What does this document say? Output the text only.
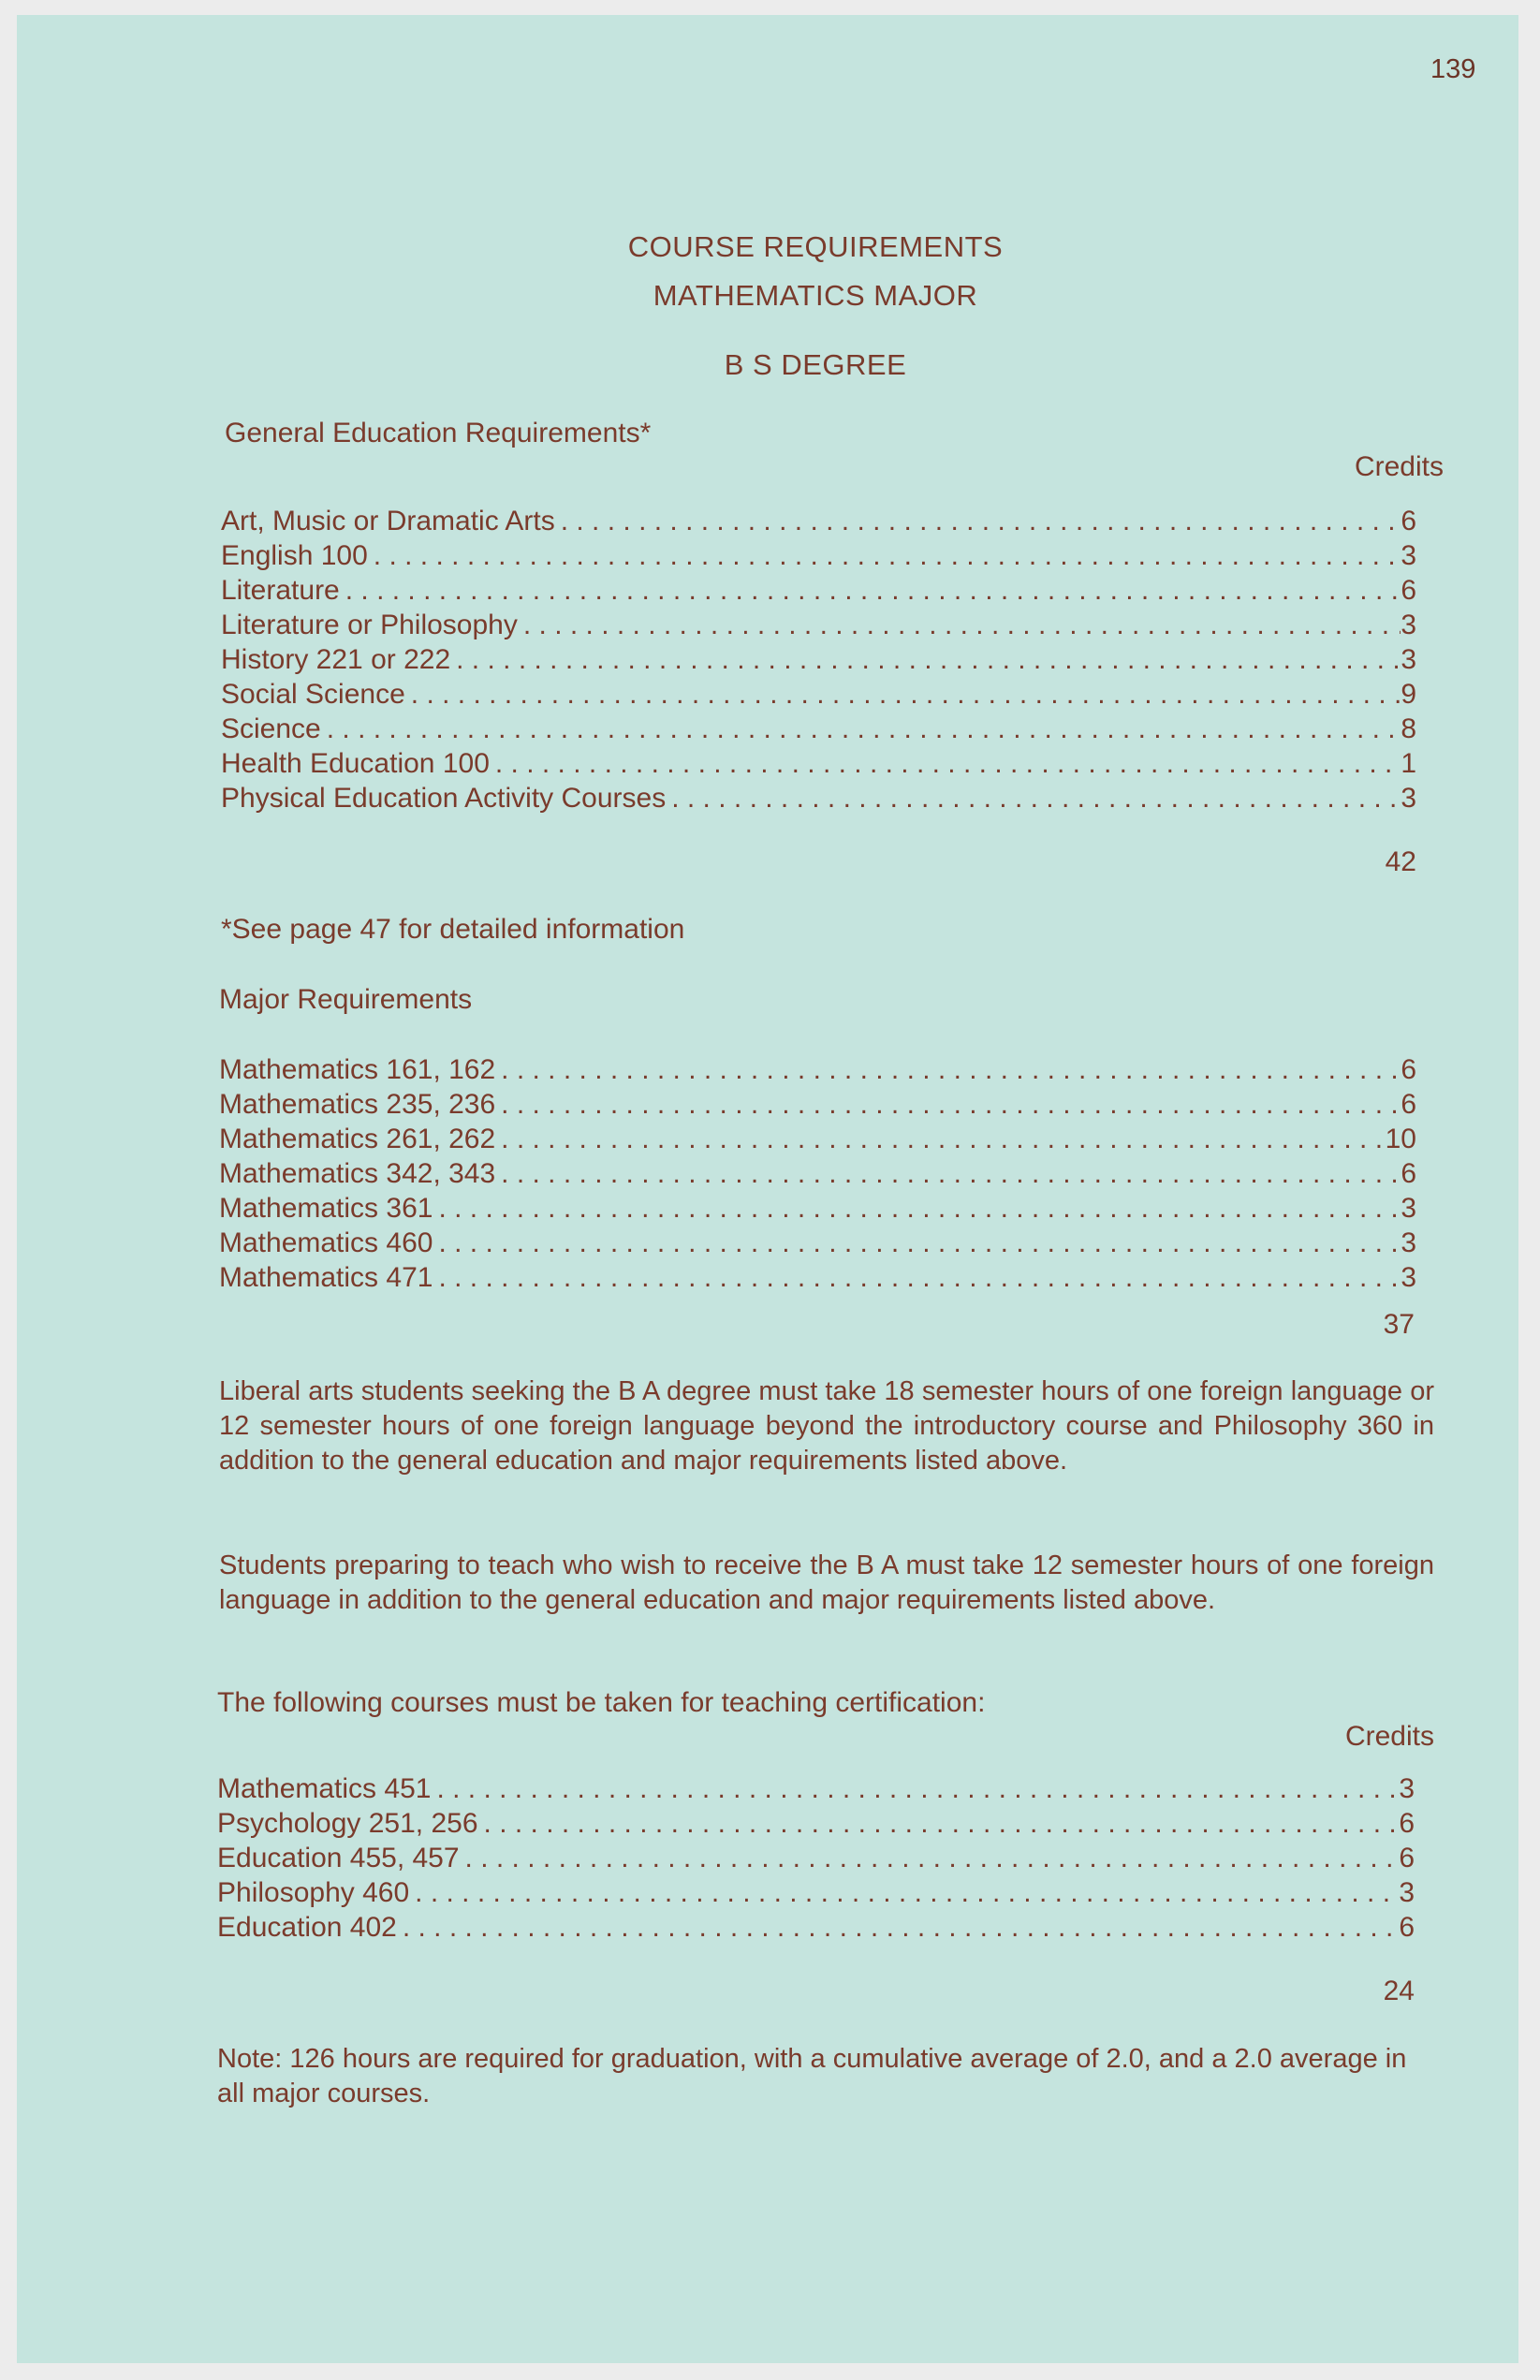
139
COURSE REQUIREMENTS
MATHEMATICS MAJOR
B S DEGREE
General Education Requirements*
Credits
Art, Music or Dramatic Arts . . .	6
English 100 . . .	3
Literature . . .	6
Literature or Philosophy . . .	3
History 221 or 222 . . .	3
Social Science . . .	9
Science . . .	8
Health Education 100 . . .	1
Physical Education Activity Courses . . .	3
42
*See page 47 for detailed information
Major Requirements
Mathematics 161, 162 . . .	6
Mathematics 235, 236 . . .	6
Mathematics 261, 262 . . .	10
Mathematics 342, 343 . . .	6
Mathematics 361 . . .	3
Mathematics 460 . . .	3
Mathematics 471 . . .	3
37

Liberal arts students seeking the B A degree must take 18 semester hours of one foreign language or 12 semester hours of one foreign language beyond the introductory course and Philosophy 360 in addition to the general education and major requirements listed above.

Students preparing to teach who wish to receive the B A must take 12 semester hours of one foreign language in addition to the general education and major requirements listed above.

The following courses must be taken for teaching certification:
Credits
Mathematics 451 . . .	3
Psychology 251, 256 . . .	6
Education 455, 457 . . .	6
Philosophy 460 . . .	3
Education 402 . . .	6
24

Note: 126 hours are required for graduation, with a cumulative average of 2.0, and a 2.0 average in all major courses.
